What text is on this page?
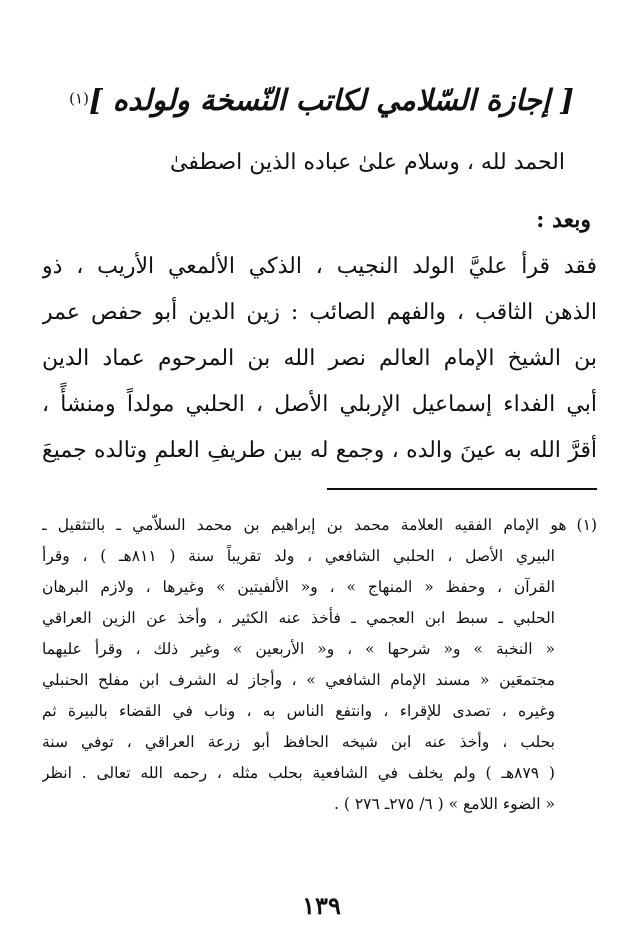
[ إجازة السّلامي لكاتب النّسخة ولولده ](١)
الحمد لله ، وسلام علىٰ عباده الذين اصطفىٰ
وبعد :
فقد قرأ عليَّ الولد النجيب ، الذكي الألمعي الأريب ، ذو
الذهن الثاقب ، والفهم الصائب : زين الدين أبو حفص عمر
بن الشيخ الإمام العالم نصر الله بن المرحوم عماد الدين
أبي الفداء إسماعيل الإربلي الأصل ، الحلبي مولداً ومنشأً ،
أقرَّ الله به عينَ والده ، وجمع له بين طريفِ العلمِ وتالده جميعَ
(١)
هو الإمام الفقيه العلامة محمد بن إبراهيم بن محمد السلاّمي ـ بالتثقيل ـ
البيري الأصل ، الحلبي الشافعي ، ولد تقريباً سنة ( ٨١١هـ ) ، وقرأ
القرآن ، وحفظ « المنهاج » ، و« الألفيتين » وغيرها ، ولازم البرهان
الحلبي ـ سبط ابن العجمي ـ فأخذ عنه الكثير ، وأخذ عن الزين العراقي
« النخبة » و« شرحها » ، و« الأربعين » وغير ذلك ، وقرأ عليهما
مجتمعَين « مسند الإمام الشافعي » ، وأجاز له الشرف ابن مفلح الحنبلي
وغيره ، تصدى للإقراء ، وانتفع الناس به ، وناب في القضاء بالبيرة ثم
بحلب ، وأخذ عنه ابن شيخه الحافظ أبو زرعة العراقي ، توفي سنة
( ٨٧٩هـ ) ولم يخلف في الشافعية بحلب مثله ، رحمه الله تعالى . انظر
« الضوء اللامع » ( ٦/ ٢٧٥ـ ٢٧٦ ) .
١٣٩
